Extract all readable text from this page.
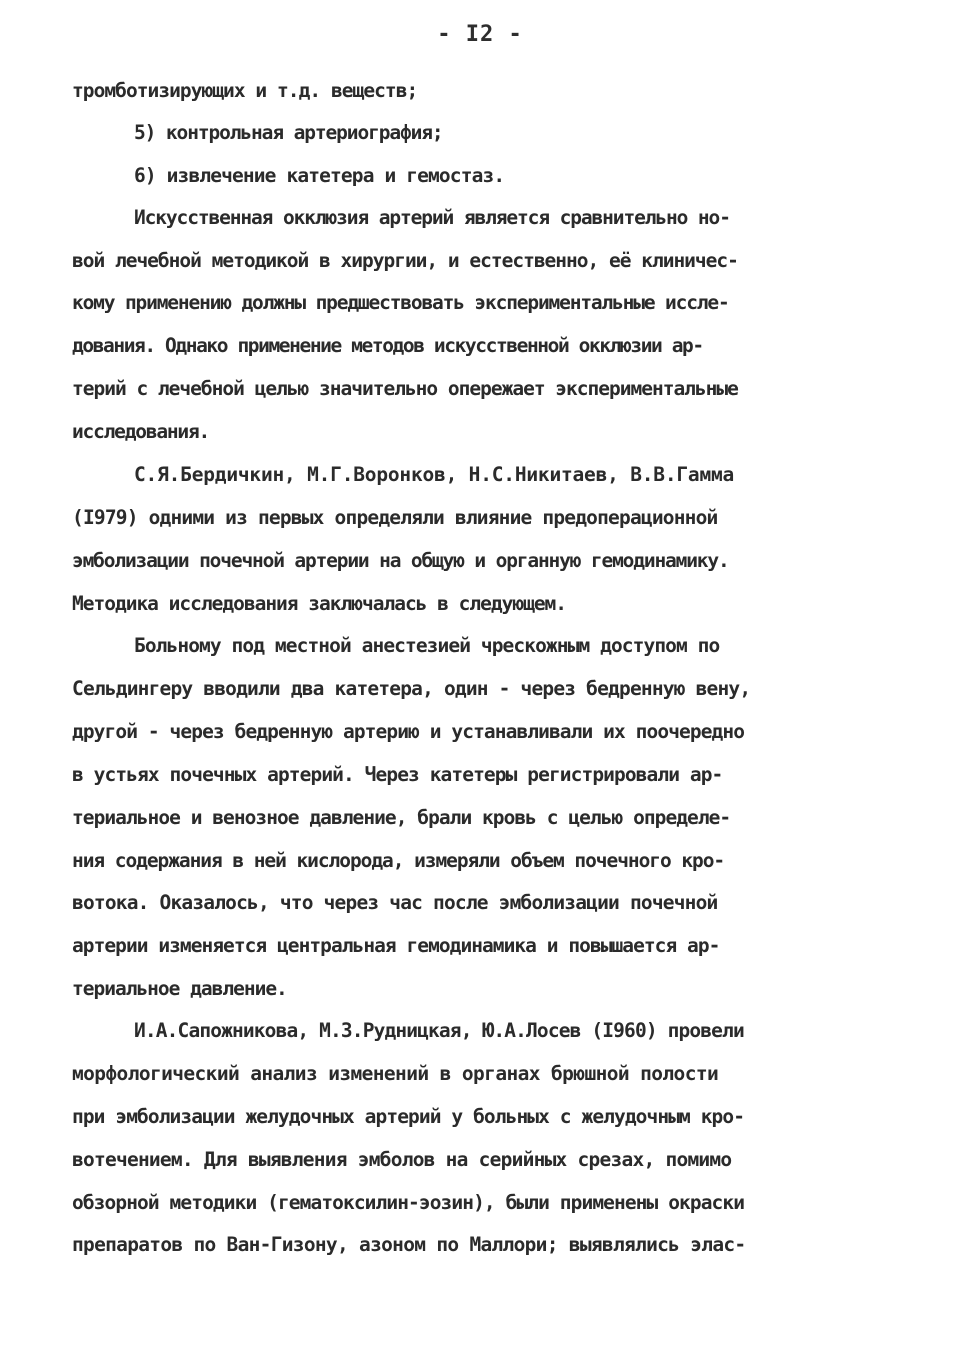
- I2 -
тромботизирующих и т.д. веществ;
5) контрольная артериография;
6) извлечение катетера и гемостаз.
Искусственная окклюзия артерий является сравнительно но-
вой лечебной методикой в хирургии, и естественно, её клиничес-
кому применению должны предшествовать экспериментальные иссле-
дования. Однако применение методов искусственной окклюзии ар-
терий с лечебной целью значительно опережает экспериментальные
исследования.
С.Я.Бердичкин, М.Г.Воронков, Н.С.Никитаев, В.В.Гамма
(I979) одними из первых определяли влияние предоперационной
эмболизации почечной артерии на общую и органную гемодинамику.
Методика исследования заключалась в следующем.
Больному под местной анестезией чрескожным доступом по
Сельдингеру вводили два катетера, один - через бедренную вену,
другой - через бедренную артерию и устанавливали их поочередно
в устьях почечных артерий. Через катетеры регистрировали ар-
териальное и венозное давление, брали кровь с целью определе-
ния содержания в ней кислорода, измеряли объем почечного кро-
вотока. Оказалось, что через час после эмболизации почечной
артерии изменяется центральная гемодинамика и повышается ар-
териальное давление.
И.А.Сапожникова, М.З.Рудницкая, Ю.А.Лосев (I960) провели
морфологический анализ изменений в органах брюшной полости
при эмболизации желудочных артерий у больных с желудочным кро-
вотечением. Для выявления эмболов на серийных срезах, помимо
обзорной методики (гематоксилин-эозин), были применены окраски
препаратов по Ван-Гизону, азоном по Маллори; выявлялись элас-
